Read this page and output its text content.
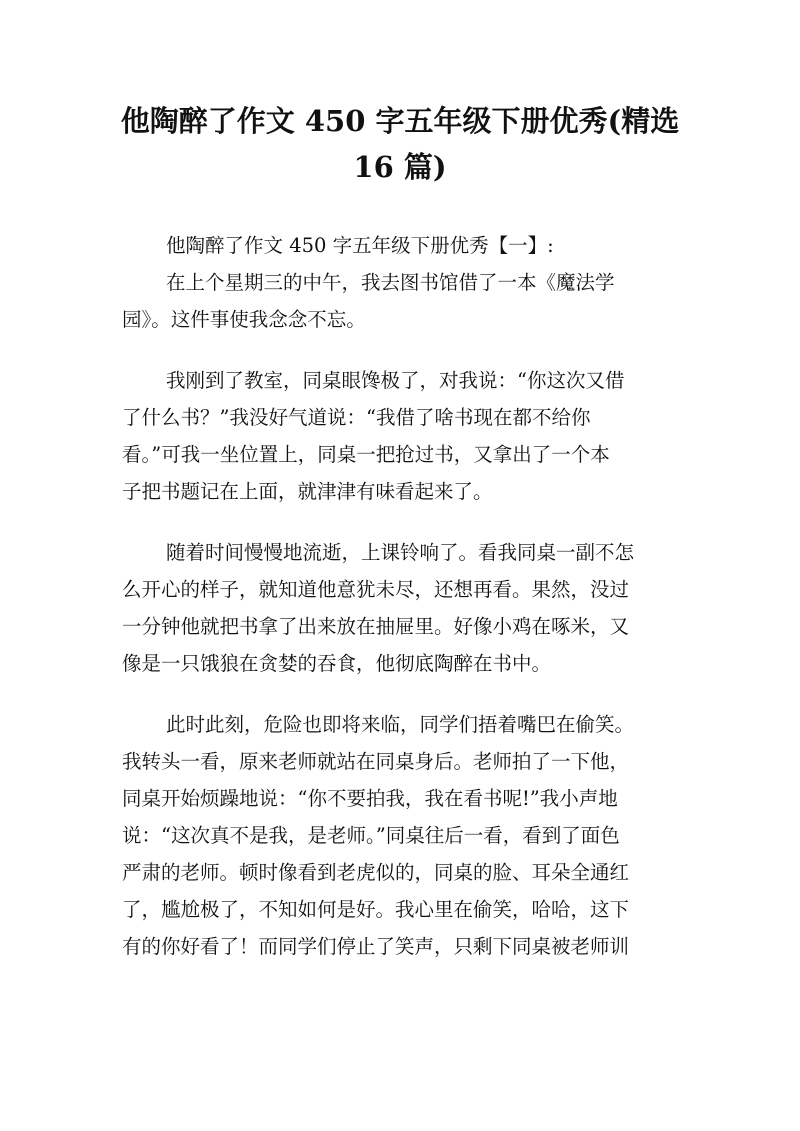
他陶醉了作文 450 字五年级下册优秀(精选
16 篇)
他陶醉了作文 450 字五年级下册优秀【一】:
在上个星期三的中午，我去图书馆借了一本《魔法学
园》。这件事使我念念不忘。
我刚到了教室，同桌眼馋极了，对我说：“你这次又借
了什么书？”我没好气道说：“我借了啥书现在都不给你
看。”可我一坐位置上，同桌一把抢过书，又拿出了一个本
子把书题记在上面，就津津有味看起来了。
随着时间慢慢地流逝，上课铃响了。看我同桌一副不怎
么开心的样子，就知道他意犹未尽，还想再看。果然，没过
一分钟他就把书拿了出来放在抽屉里。好像小鸡在啄米，又
像是一只饿狼在贪婪的吞食，他彻底陶醉在书中。
此时此刻，危险也即将来临，同学们捂着嘴巴在偷笑。
我转头一看，原来老师就站在同桌身后。老师拍了一下他，
同桌开始烦躁地说：“你不要拍我，我在看书呢!”我小声地
说：“这次真不是我，是老师。”同桌往后一看，看到了面色
严肃的老师。顿时像看到老虎似的，同桌的脸、耳朵全通红
了，尴尬极了，不知如何是好。我心里在偷笑，哈哈，这下
有的你好看了！而同学们停止了笑声，只剩下同桌被老师训
